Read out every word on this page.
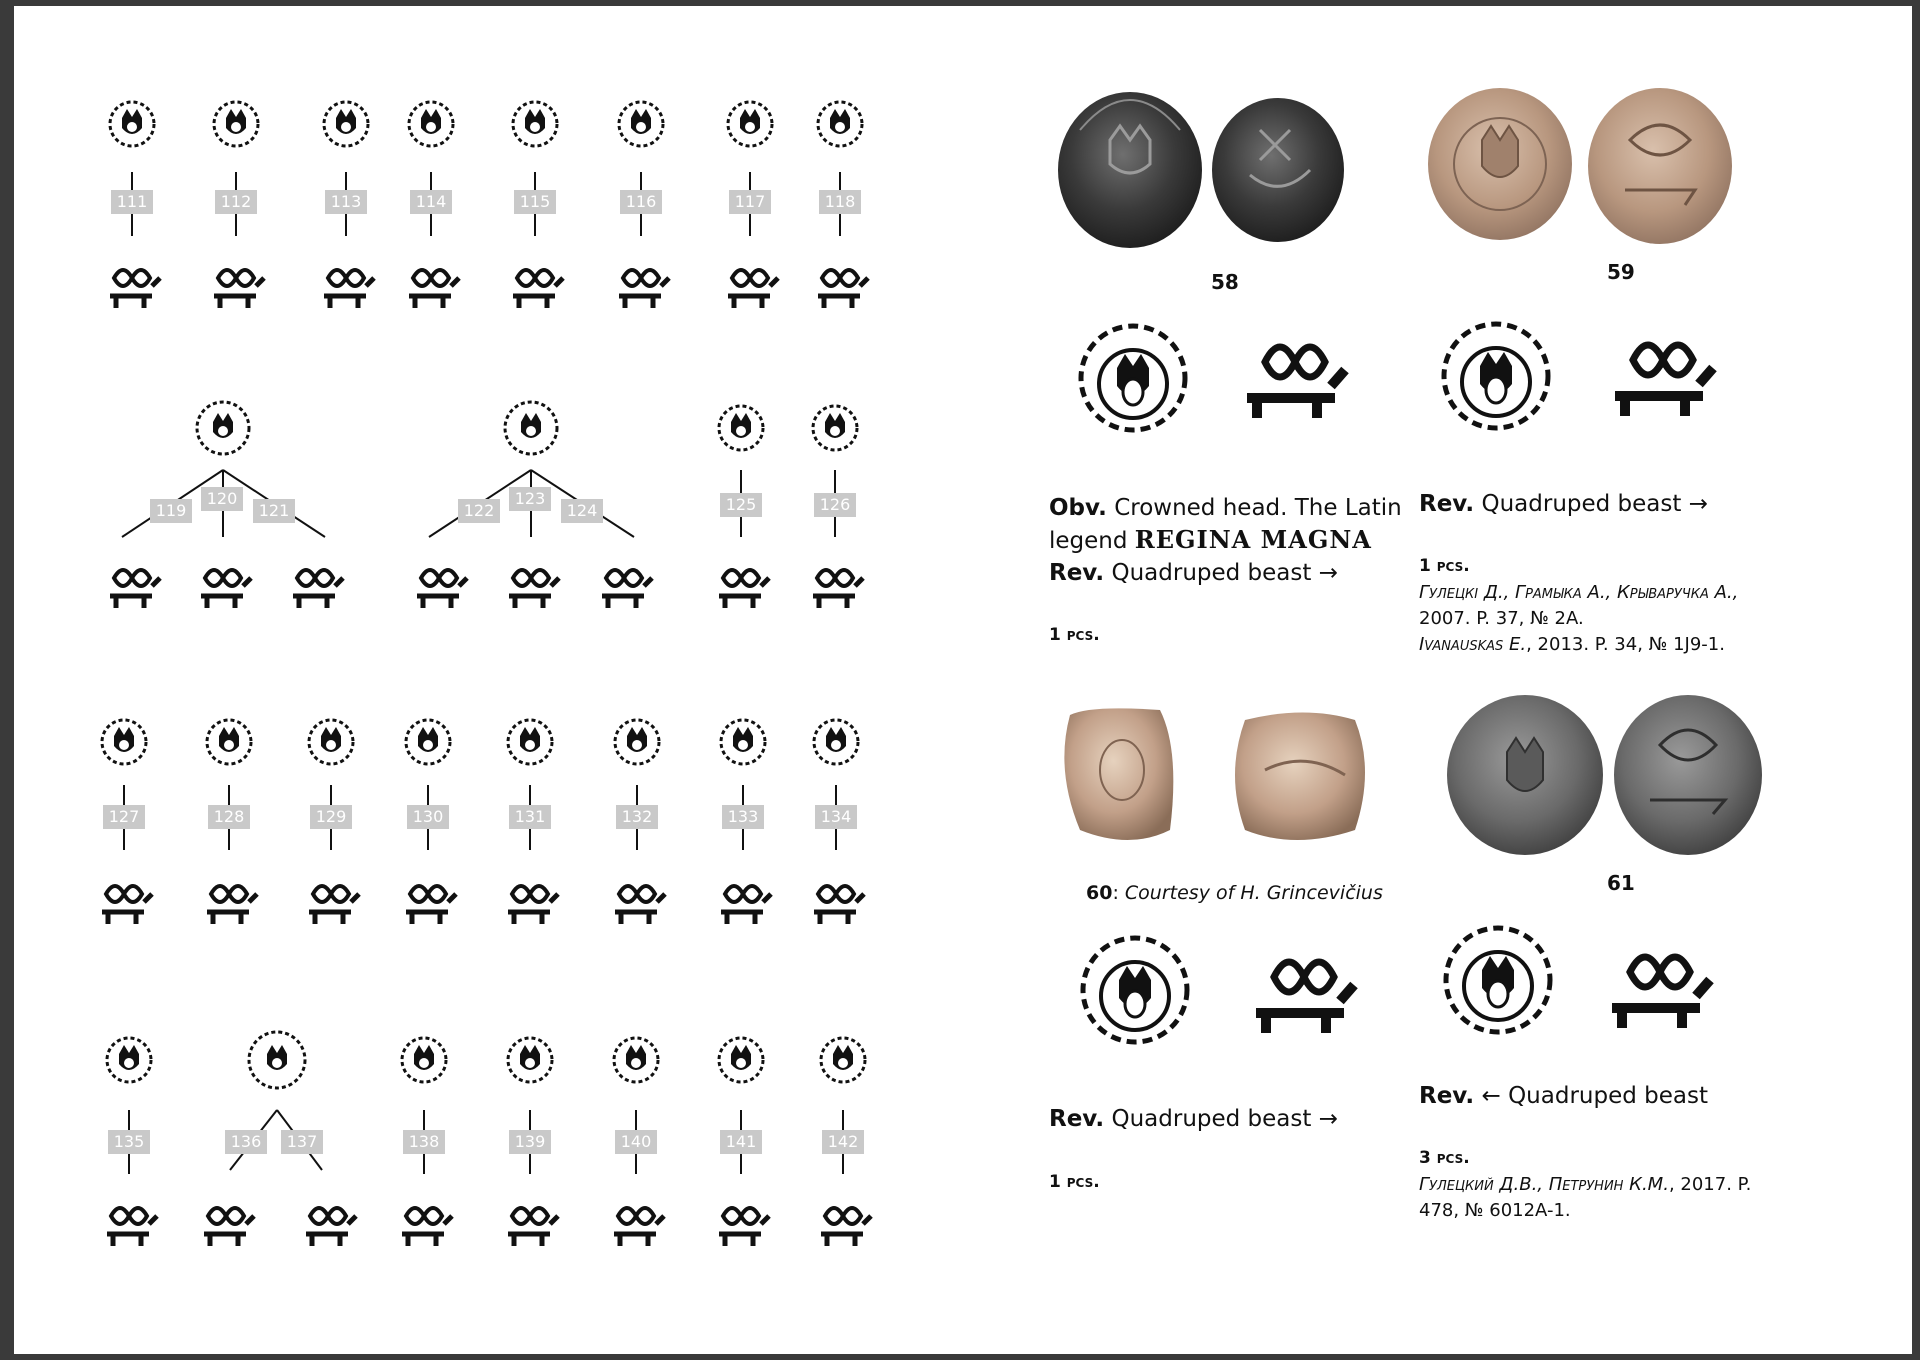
111	112	113	114	115	116	117	118
119
120
121	122
123
124	125	126
127	128	129	130	131	132	133	134
135	136	137	138	139	140	141	142
58	59
60: Courtesy of H. Grincevičius	61
Obv. Crowned head. The Latin
legend REGINA MAGNA
Rev. Quadruped beast →
1 pcs.
Rev. Quadruped beast →
1 pcs.
Гулецкі Д., Грамыка А., Крываручка А.,
2007. P. 37, № 2A.
Ivanauskas E., 2013. P. 34, № 1J9-1.
Rev. Quadruped beast →
1 pcs.
Rev. ← Quadruped beast
3 pcs.
Гулецкий Д.В., Петрунин К.М., 2017. P.
478, № 6012A-1.
